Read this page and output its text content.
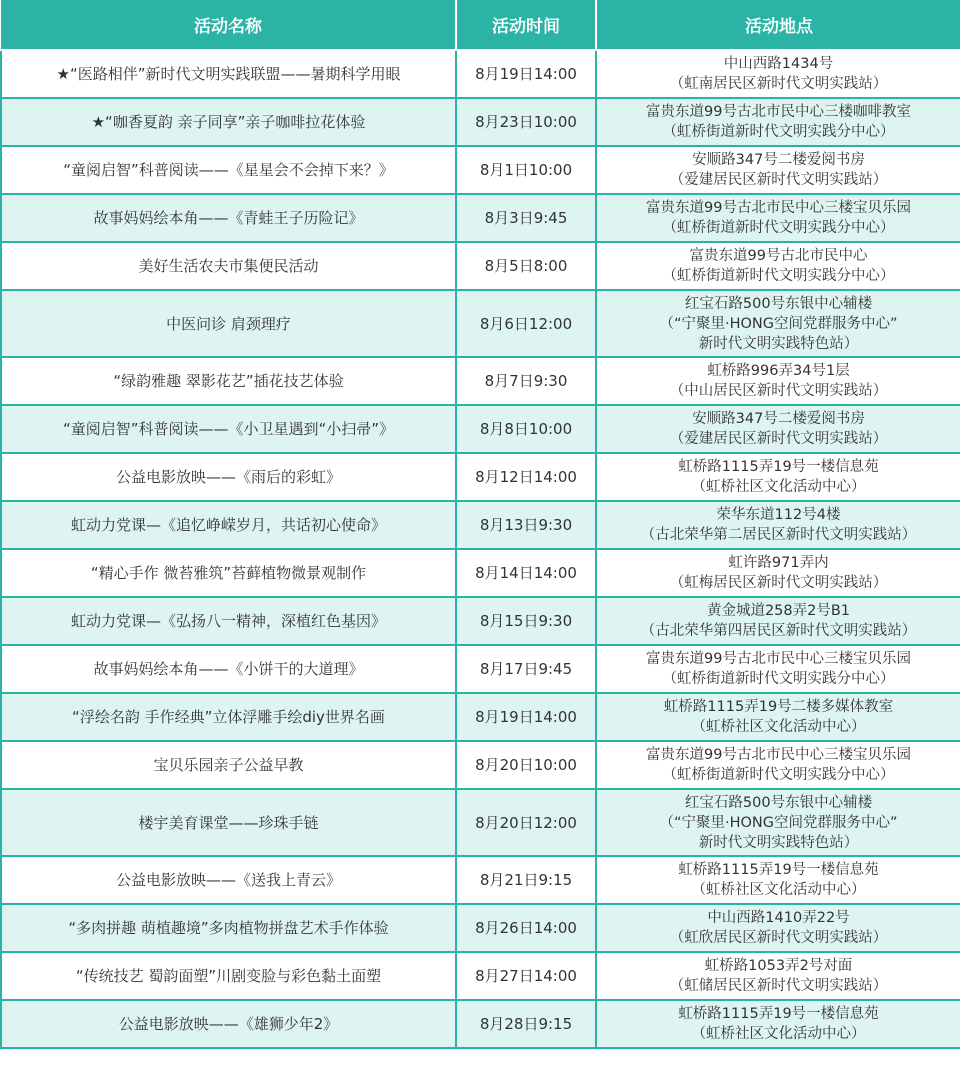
活动名称	活动时间	活动地点
★“医路相伴”新时代文明实践联盟——暑期科学用眼	8月19日14:00	中山西路1434号
（虹南居民区新时代文明实践站）

★“咖香夏韵 亲子同享”亲子咖啡拉花体验	8月23日10:00	富贵东道99号古北市民中心三楼咖啡教室
（虹桥街道新时代文明实践分中心）

“童阅启智”科普阅读——《星星会不会掉下来？》	8月1日10:00	安顺路347号二楼爱阅书房
（爱建居民区新时代文明实践站）

故事妈妈绘本角——《青蛙王子历险记》	8月3日9:45	富贵东道99号古北市民中心三楼宝贝乐园
（虹桥街道新时代文明实践分中心）

美好生活农夫市集便民活动	8月5日8:00	富贵东道99号古北市民中心
（虹桥街道新时代文明实践分中心）

中医问诊 肩颈理疗	8月6日12:00	红宝石路500号东银中心辅楼
（“宁聚里·HONG空间党群服务中心”
新时代文明实践特色站）

“绿韵雅趣 翠影花艺”插花技艺体验	8月7日9:30	虹桥路996弄34号1层
（中山居民区新时代文明实践站）

“童阅启智”科普阅读——《小卫星遇到“小扫帚”》	8月8日10:00	安顺路347号二楼爱阅书房
（爱建居民区新时代文明实践站）

公益电影放映——《雨后的彩虹》	8月12日14:00	虹桥路1115弄19号一楼信息苑
（虹桥社区文化活动中心）

虹动力党课—《追忆峥嵘岁月，共话初心使命》	8月13日9:30	荣华东道112号4楼
（古北荣华第二居民区新时代文明实践站）

“精心手作 微苔雅筑”苔藓植物微景观制作	8月14日14:00	虹许路971弄内
（虹梅居民区新时代文明实践站）

虹动力党课—《弘扬八一精神，深植红色基因》	8月15日9:30	黄金城道258弄2号B1
（古北荣华第四居民区新时代文明实践站）

故事妈妈绘本角——《小饼干的大道理》	8月17日9:45	富贵东道99号古北市民中心三楼宝贝乐园
（虹桥街道新时代文明实践分中心）

“浮绘名韵 手作经典”立体浮雕手绘diy世界名画	8月19日14:00	虹桥路1115弄19号二楼多媒体教室
（虹桥社区文化活动中心）

宝贝乐园亲子公益早教	8月20日10:00	富贵东道99号古北市民中心三楼宝贝乐园
（虹桥街道新时代文明实践分中心）

楼宇美育课堂——珍珠手链	8月20日12:00	红宝石路500号东银中心辅楼
（“宁聚里·HONG空间党群服务中心”
新时代文明实践特色站）

公益电影放映——《送我上青云》	8月21日9:15	虹桥路1115弄19号一楼信息苑
（虹桥社区文化活动中心）

“多肉拼趣 萌植趣境”多肉植物拼盘艺术手作体验	8月26日14:00	中山西路1410弄22号
（虹欣居民区新时代文明实践站）

“传统技艺 蜀韵面塑”川剧变脸与彩色黏土面塑	8月27日14:00	虹桥路1053弄2号对面
（虹储居民区新时代文明实践站）

公益电影放映——《雄狮少年2》	8月28日9:15	虹桥路1115弄19号一楼信息苑
（虹桥社区文化活动中心）
